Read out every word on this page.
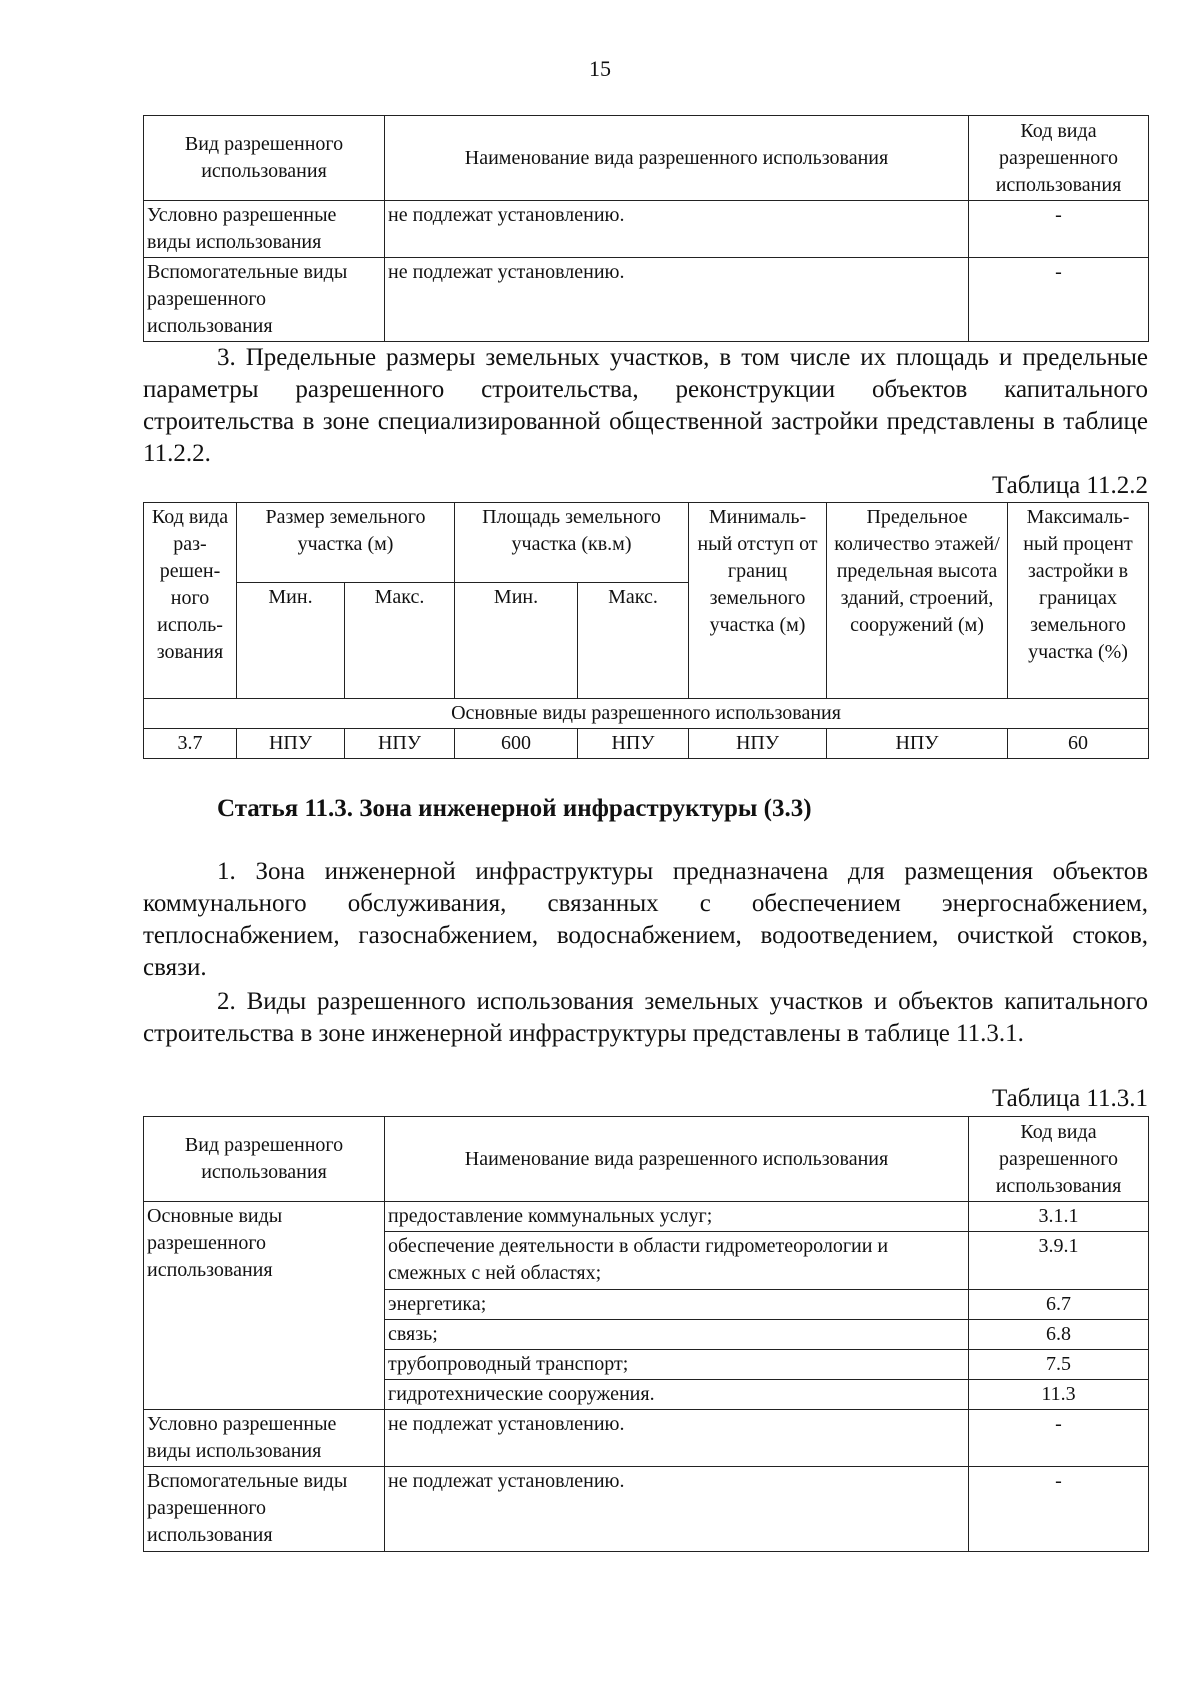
15
Вид разрешенного использования	Наименование вида разрешенного использования	Код вида разрешенного использования
Условно разрешенные виды использования	не подлежат установлению.	-
Вспомогательные виды разрешенного использования	не подлежат установлению.	-

3. Предельные размеры земельных участков, в том числе их площадь и предельные параметры разрешенного строительства, реконструкции объектов капитального строительства в зоне специализированной общественной застройки представлены в таблице 11.2.2.

Таблица 11.2.2
Код вида раз-решен-ного исполь-зования	Размер земельного участка (м)		Площадь земельного участка (кв.м)		Минималь-ный отступ от границ земельного участка (м)	Предельное количество этажей/ предельная высота зданий, строений, сооружений (м)	Максималь-ный процент застройки в границах земельного участка (%)
	Мин.	Макс.	Мин.	Макс.			
Основные виды разрешенного использования							
3.7	НПУ	НПУ	600	НПУ	НПУ	НПУ	60
Статья 11.3. Зона инженерной инфраструктуры (3.3)

1. Зона инженерной инфраструктуры предназначена для размещения объектов коммунального обслуживания, связанных с обеспечением энергоснабжением, теплоснабжением, газоснабжением, водоснабжением, водоотведением, очисткой стоков, связи.

2. Виды разрешенного использования земельных участков и объектов капитального строительства в зоне инженерной инфраструктуры представлены в таблице 11.3.1.

Таблица 11.3.1
Вид разрешенного использования	Наименование вида разрешенного использования	Код вида разрешенного использования
Основные виды разрешенного использования	предоставление коммунальных услуг;	3.1.1
	обеспечение деятельности в области гидрометеорологии и смежных с ней областях;	3.9.1
	энергетика;	6.7
	связь;	6.8
	трубопроводный транспорт;	7.5
	гидротехнические сооружения.	11.3
Условно разрешенные виды использования	не подлежат установлению.	-
Вспомогательные виды разрешенного использования	не подлежат установлению.	-
